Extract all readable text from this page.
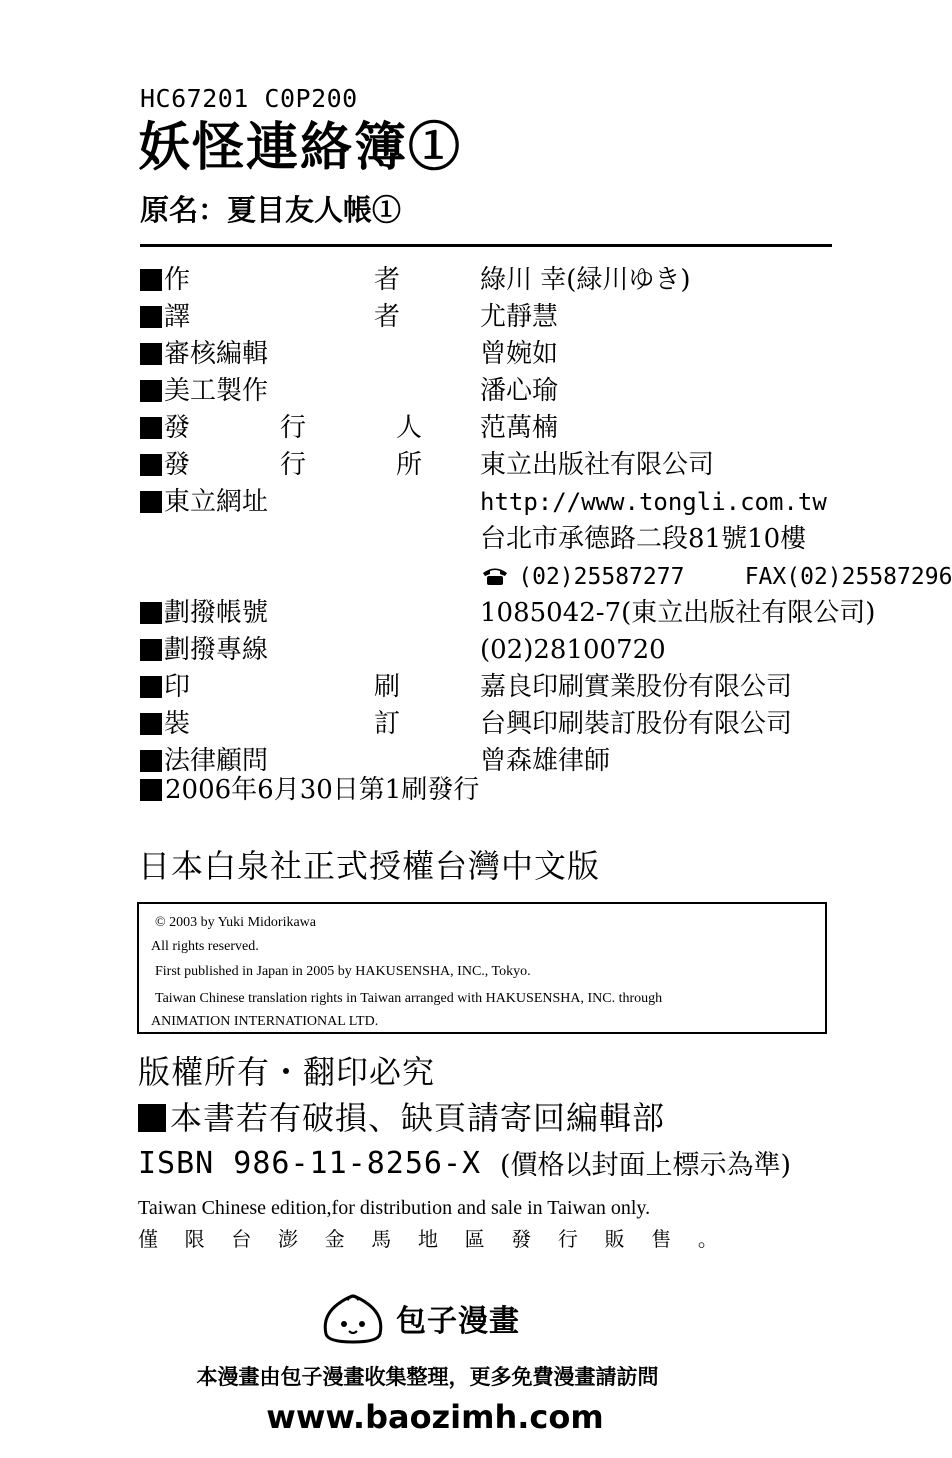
HC67201 C0P200
妖怪連絡簿①
原名：夏目友人帳①
作	者	綠川 幸(緑川ゆき)
譯	者	尤靜慧
審核編輯	曾婉如
美工製作	潘心瑜
發	行	人 范萬楠
發	行	所 東立出版社有限公司
東立網址	http://www.tongli.com.tw
台北市承德路二段81號10樓
(02)25587277	FAX(02)25587296
劃撥帳號	1085042-7(東立出版社有限公司)
劃撥專線	(02)28100720
印	刷	嘉良印刷實業股份有限公司
裝	訂	台興印刷裝訂股份有限公司
法律顧問	曾森雄律師
2006年6月30日第1刷發行
日本白泉社正式授權台灣中文版
© 2003 by Yuki Midorikawa
All rights reserved.
First published in Japan in 2005 by HAKUSENSHA, INC., Tokyo.
Taiwan Chinese translation rights in Taiwan arranged with HAKUSENSHA, INC. through
ANIMATION INTERNATIONAL LTD.
版權所有・翻印必究
本書若有破損、缺頁請寄回編輯部
ISBN 986-11-8256-X (價格以封面上標示為準)
Taiwan Chinese edition,for distribution and sale in Taiwan only.
僅 限 台 澎 金 馬 地 區 發 行 販 售 。
包子漫畫
本漫畫由包子漫畫收集整理，更多免費漫畫請訪問
www.baozimh.com
